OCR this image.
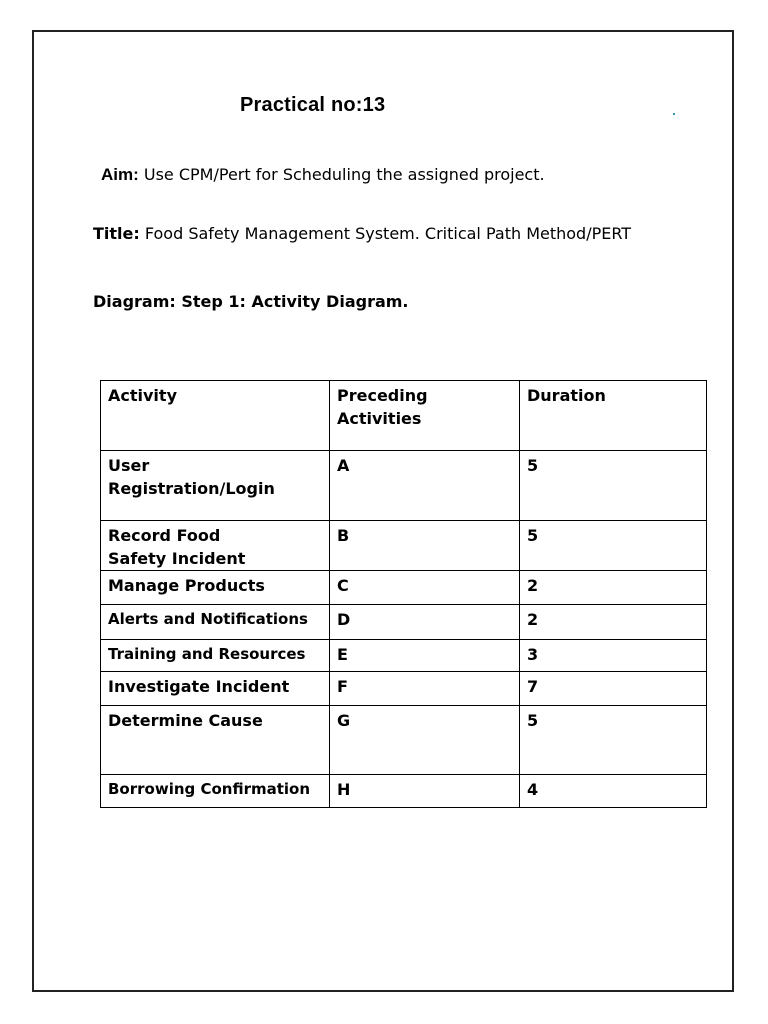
Practical no:13
Aim: Use CPM/Pert for Scheduling the assigned project.
Title: Food Safety Management System. Critical Path Method/PERT
Diagram: Step 1: Activity Diagram.
Activity	Preceding Activities	Duration

User Registration/Login	A	5

Record Food Safety Incident	B	5
Manage Products	C	2

Alerts and Notifications	D	2

Training and Resources	E	3
Investigate Incident	F	7
Determine Cause	G	5

Borrowing Confirmation	H	4
